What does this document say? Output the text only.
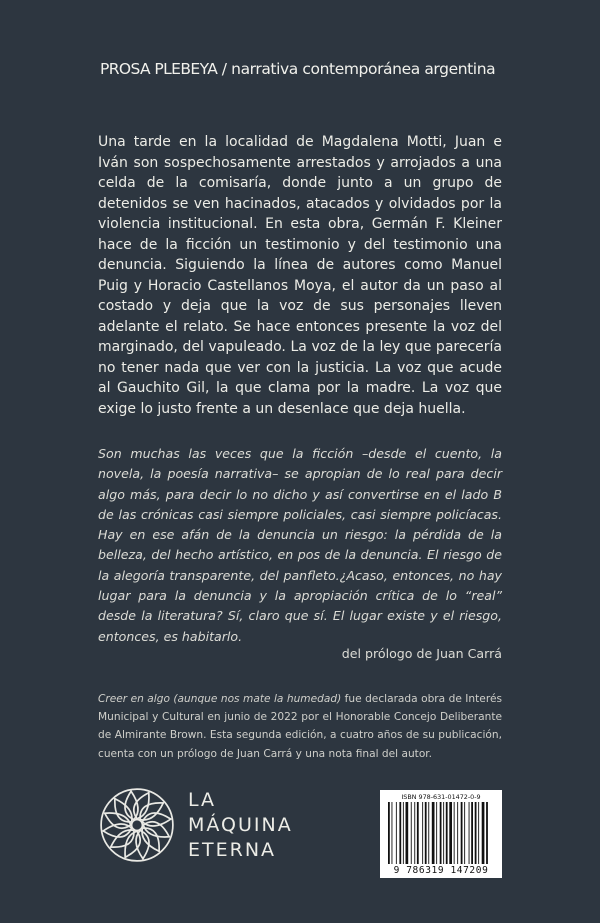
PROSA PLEBEYA / narrativa contemporánea argentina
Una tarde en la localidad de Magdalena Motti, Juan e Iván son sospechosamente arrestados y arrojados a una celda de la comisaría, donde junto a un grupo de detenidos se ven hacinados, atacados y olvidados por la violencia institucional. En esta obra, Germán F. Kleiner hace de la ficción un testimonio y del testimonio una denuncia. Siguiendo la línea de autores como Manuel Puig y Horacio Castellanos Moya, el autor da un paso al costado y deja que la voz de sus personajes lleven adelante el relato. Se hace entonces presente la voz del marginado, del vapuleado. La voz de la ley que parecería no tener nada que ver con la justicia. La voz que acude al Gauchito Gil, la que clama por la madre. La voz que exige lo justo frente a un desenlace que deja huella.
Son muchas las veces que la ficción –desde el cuento, la novela, la poesía narrativa– se apropian de lo real para decir algo más, para decir lo no dicho y así convertirse en el lado B de las crónicas casi siempre policiales, casi siempre policíacas. Hay en ese afán de la denuncia un riesgo: la pérdida de la belleza, del hecho artístico, en pos de la denuncia. El riesgo de la alegoría transparente, del panfleto.¿Acaso, entonces, no hay lugar para la denuncia y la apropiación crítica de lo “real” desde la literatura? Sí, claro que sí. El lugar existe y el riesgo, entonces, es habitarlo.
del prólogo de Juan Carrá
Creer en algo (aunque nos mate la humedad) fue declarada obra de Interés Municipal y Cultural en junio de 2022 por el Honorable Concejo Deliberante de Almirante Brown. Esta segunda edición, a cuatro años de su publicación, cuenta con un prólogo de Juan Carrá y una nota final del autor.
LA
MÁQUINA
ETERNA
ISBN 978-631-01472-0-9
9 786319 147209
